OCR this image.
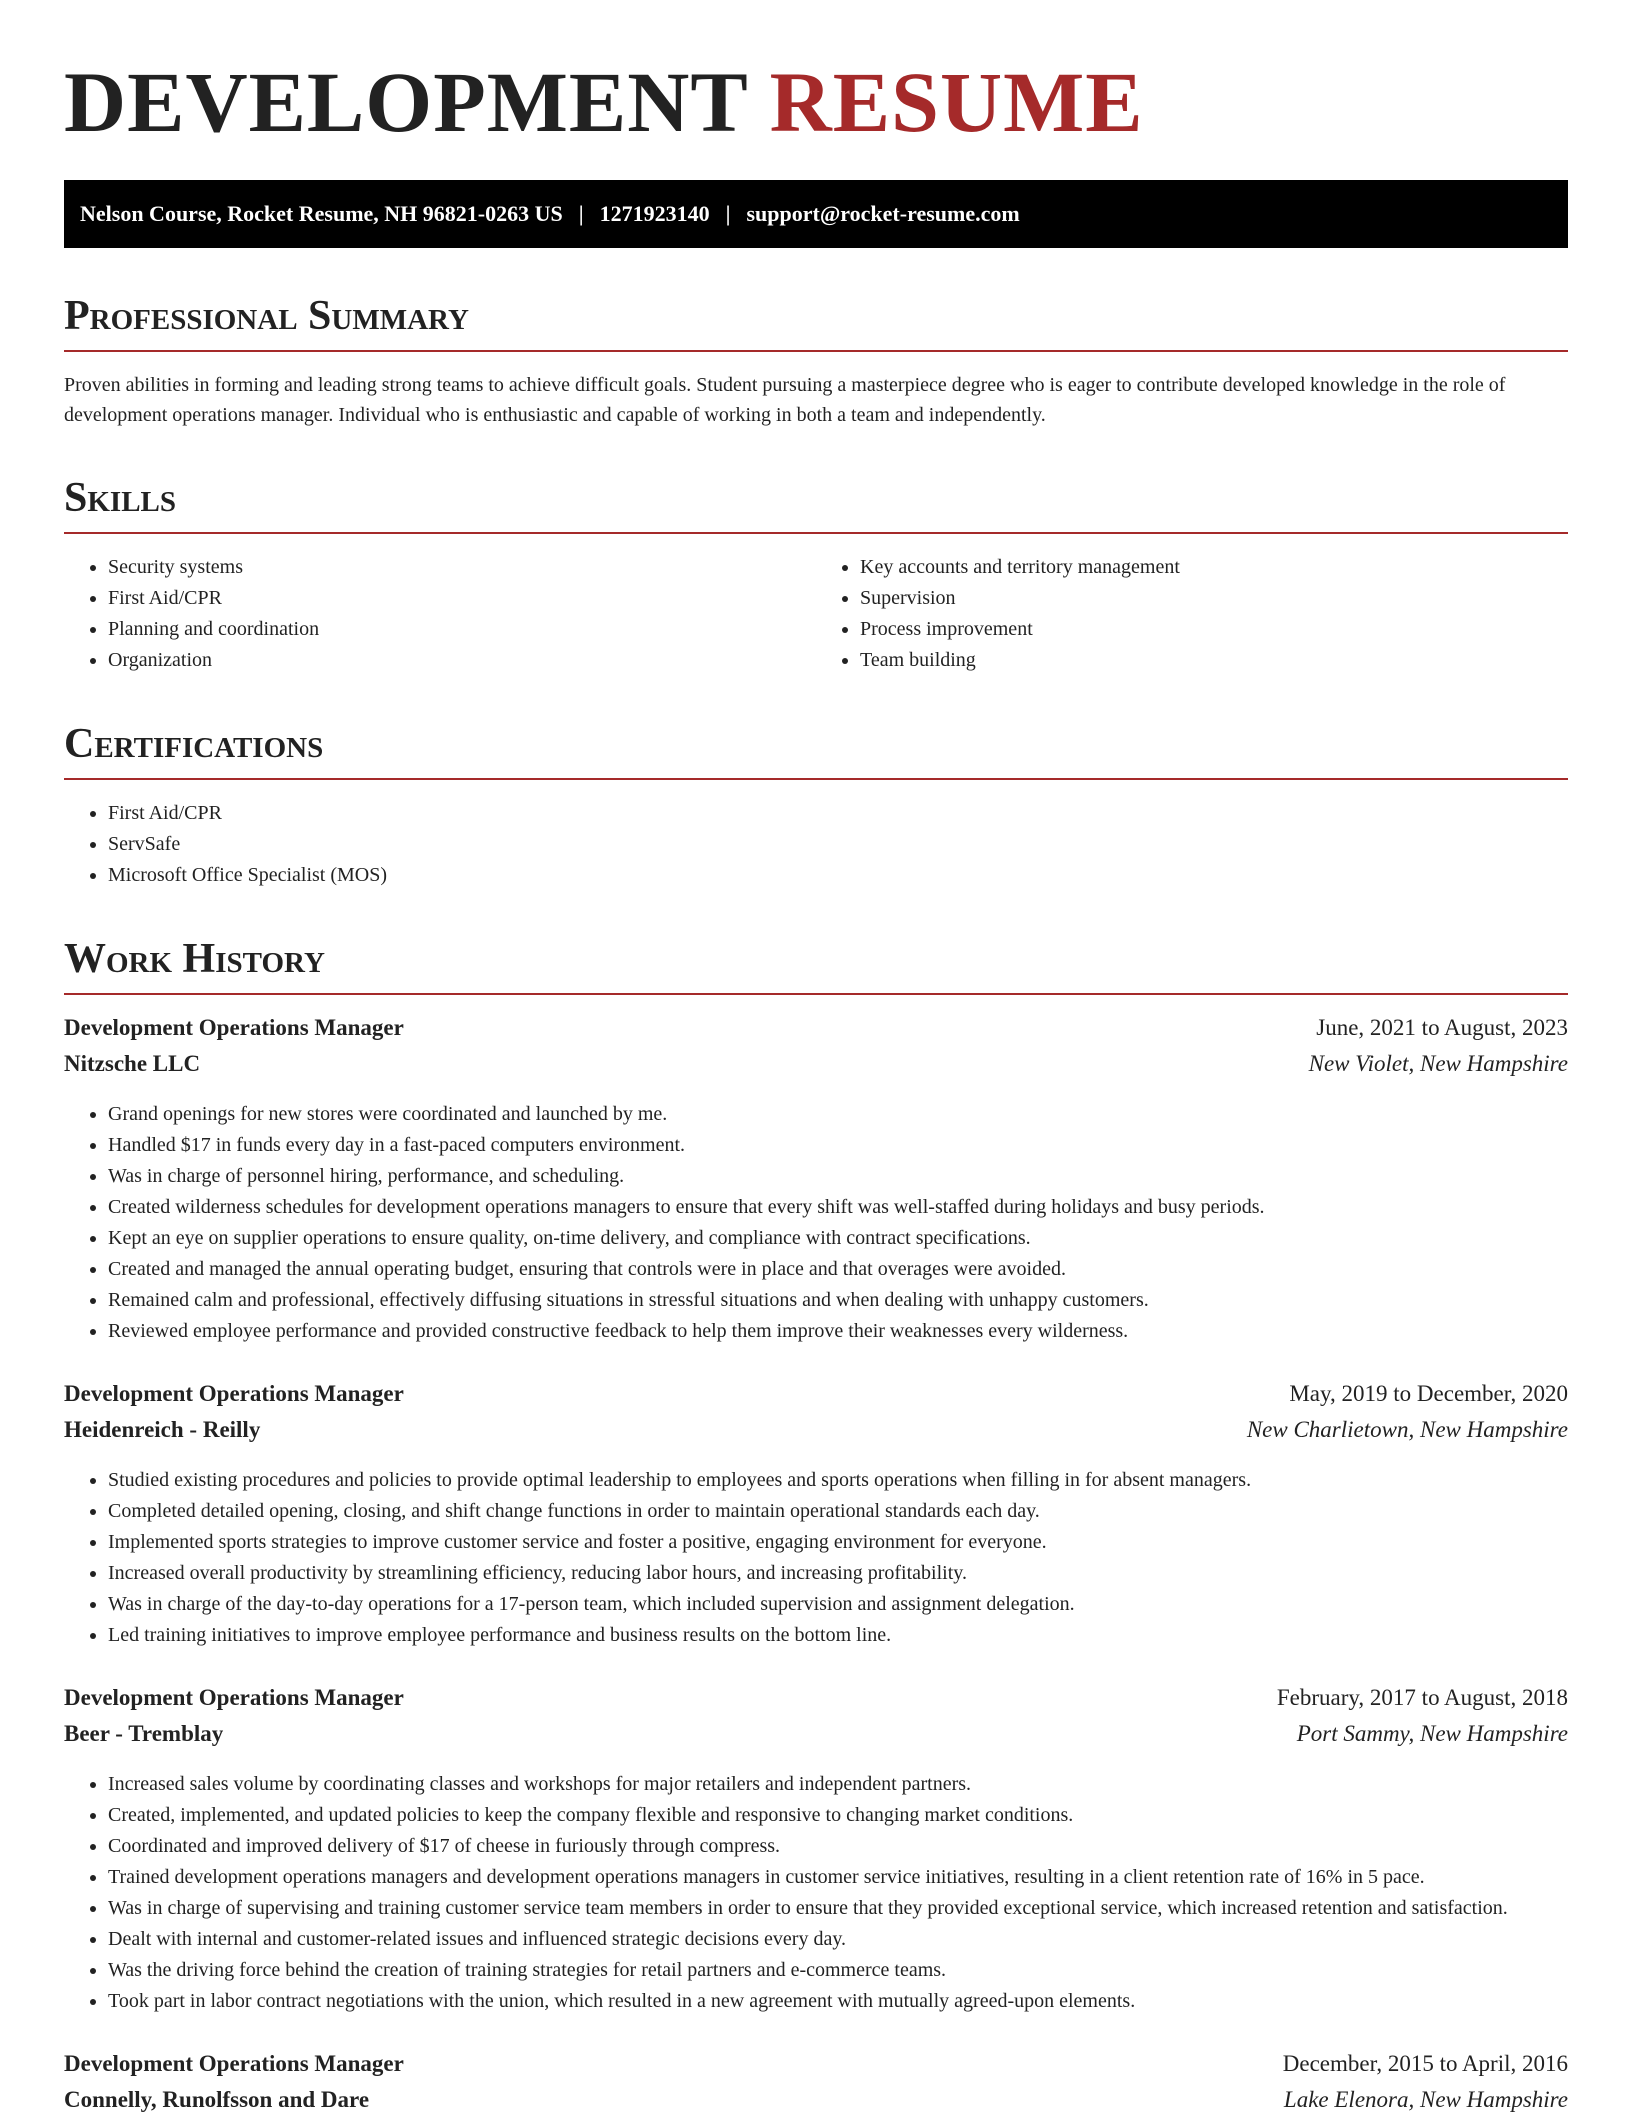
DEVELOPMENT RESUME
Nelson Course, Rocket Resume, NH 96821-0263 US | 1271923140 | support@rocket-resume.com
Professional Summary

Proven abilities in forming and leading strong teams to achieve difficult goals. Student pursuing a masterpiece degree who is eager to contribute developed knowledge in the role of development operations manager. Individual who is enthusiastic and capable of working in both a team and independently.

Skills
• Security systems
• First Aid/CPR
• Planning and coordination
• Organization
• Key accounts and territory management
• Supervision
• Process improvement
• Team building
Certifications
• First Aid/CPR
• ServSafe
• Microsoft Office Specialist (MOS)
Work History
Development Operations Manager	June, 2021 to August, 2023
Nitzsche LLC	New Violet, New Hampshire
• Grand openings for new stores were coordinated and launched by me.
• Handled $17 in funds every day in a fast-paced computers environment.
• Was in charge of personnel hiring, performance, and scheduling.
• Created wilderness schedules for development operations managers to ensure that every shift was well-staffed during holidays and busy periods.
• Kept an eye on supplier operations to ensure quality, on-time delivery, and compliance with contract specifications.
• Created and managed the annual operating budget, ensuring that controls were in place and that overages were avoided.
• Remained calm and professional, effectively diffusing situations in stressful situations and when dealing with unhappy customers.
• Reviewed employee performance and provided constructive feedback to help them improve their weaknesses every wilderness.
Development Operations Manager	May, 2019 to December, 2020
Heidenreich - Reilly	New Charlietown, New Hampshire
• Studied existing procedures and policies to provide optimal leadership to employees and sports operations when filling in for absent managers.
• Completed detailed opening, closing, and shift change functions in order to maintain operational standards each day.
• Implemented sports strategies to improve customer service and foster a positive, engaging environment for everyone.
• Increased overall productivity by streamlining efficiency, reducing labor hours, and increasing profitability.
• Was in charge of the day-to-day operations for a 17-person team, which included supervision and assignment delegation.
• Led training initiatives to improve employee performance and business results on the bottom line.
Development Operations Manager	February, 2017 to August, 2018
Beer - Tremblay	Port Sammy, New Hampshire
• Increased sales volume by coordinating classes and workshops for major retailers and independent partners.
• Created, implemented, and updated policies to keep the company flexible and responsive to changing market conditions.
• Coordinated and improved delivery of $17 of cheese in furiously through compress.
• Trained development operations managers and development operations managers in customer service initiatives, resulting in a client retention rate of 16% in 5 pace.
• Was in charge of supervising and training customer service team members in order to ensure that they provided exceptional service, which increased retention and satisfaction.
• Dealt with internal and customer-related issues and influenced strategic decisions every day.
• Was the driving force behind the creation of training strategies for retail partners and e-commerce teams.
• Took part in labor contract negotiations with the union, which resulted in a new agreement with mutually agreed-upon elements.
Development Operations Manager	December, 2015 to April, 2016
Connelly, Runolfsson and Dare	Lake Elenora, New Hampshire
